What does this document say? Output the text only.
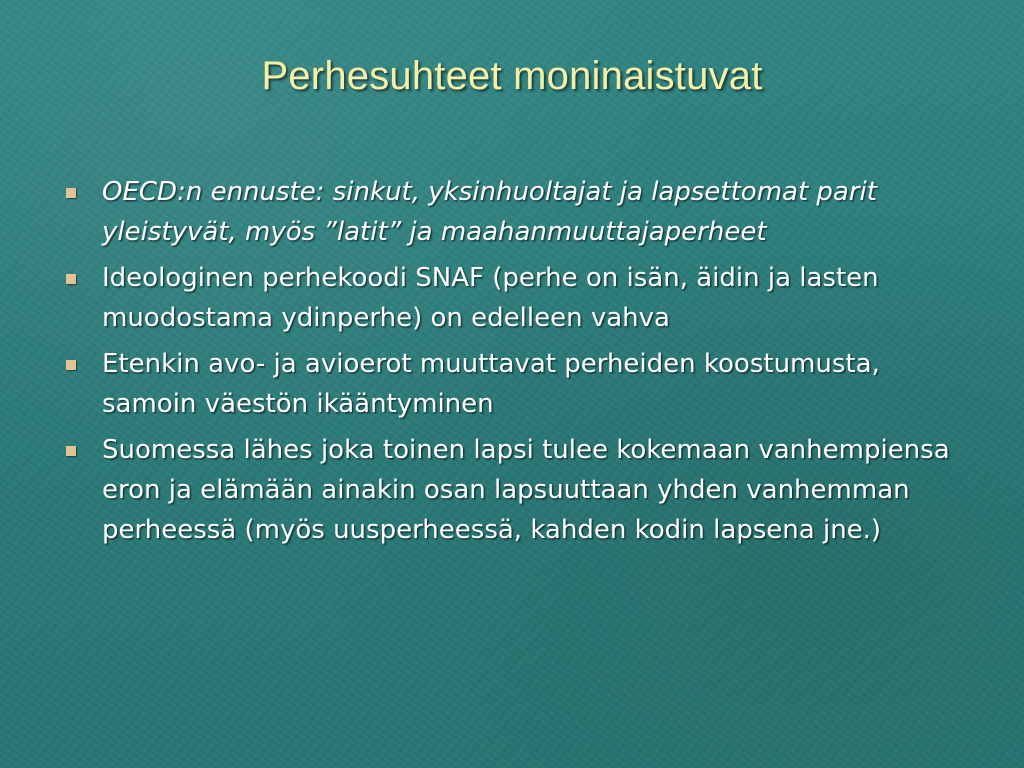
Perhesuhteet moninaistuvat
OECD:n ennuste: sinkut, yksinhuoltajat ja lapsettomat parit yleistyvät, myös ”latit” ja maahanmuuttajaperheet
Ideologinen perhekoodi SNAF (perhe on isän, äidin ja lasten muodostama ydinperhe) on edelleen vahva
Etenkin avo- ja avioerot muuttavat perheiden koostumusta, samoin väestön ikääntyminen
Suomessa lähes joka toinen lapsi tulee kokemaan vanhempiensa eron ja elämään ainakin osan lapsuuttaan yhden vanhemman perheessä (myös uusperheessä, kahden kodin lapsena jne.)
